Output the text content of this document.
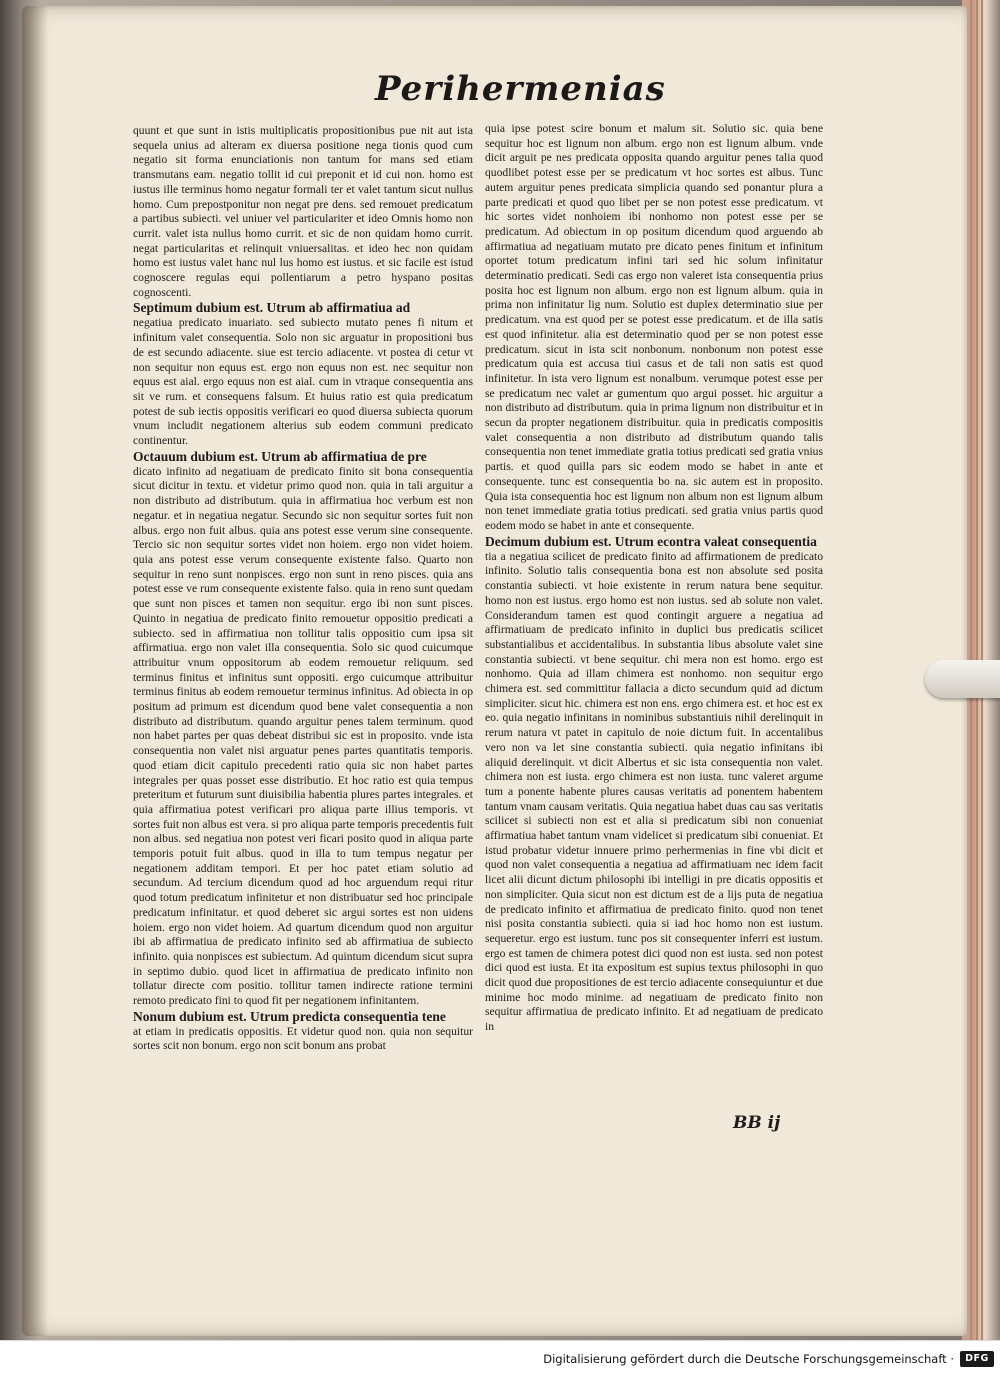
Perihermenias

quunt et que sunt in istis multiplicatis propositionibus pue nit aut ista sequela unius ad alteram ex diuersa positione nega tionis quod cum negatio sit forma enunciationis non tantum for mans sed etiam transmutans eam. negatio tollit id cui preponit et id cui non. homo est iustus ille terminus homo negatur formali ter et valet tantum sicut nullus homo. Cum prepostponitur non negat pre dens. sed remouet predicatum a partibus subiecti. vel uniuer vel particulariter et ideo Omnis homo non currit. valet ista nullus homo currit. et sic de non quidam homo currit. negat particularitas et relinquit vniuersalitas. et ideo hec non quidam homo est iustus valet hanc nul lus homo est iustus. et sic facile est istud cognoscere regulas equi pollentiarum a petro hyspano positas cognoscenti.

Septimum dubium est. Utrum ab affirmatiua ad

negatiua predicato inuariato. sed subiecto mutato penes fi nitum et infinitum valet consequentia. Solo non sic arguatur in propositioni bus de est secundo adiacente. siue est tercio adiacente. vt postea di cetur vt non sequitur non equus est. ergo non equus non est. nec sequitur non equus est aial. ergo equus non est aial. cum in vtraque consequentia ans sit ve rum. et consequens falsum. Et huius ratio est quia predicatum potest de sub iectis oppositis verificari eo quod diuersa subiecta quorum vnum includit negationem alterius sub eodem communi predicato continentur.

Octauum dubium est. Utrum ab affirmatiua de pre

dicato infinito ad negatiuam de predicato finito sit bona consequentia sicut dicitur in textu. et videtur primo quod non. quia in tali arguitur a non distributo ad distributum. quia in affirmatiua hoc verbum est non negatur. et in negatiua negatur. Secundo sic non sequitur sortes fuit non albus. ergo non fuit albus. quia ans potest esse verum sine consequente. Tercio sic non sequitur sortes videt non hoiem. ergo non videt hoiem. quia ans potest esse verum consequente existente falso. Quarto non sequitur in reno sunt nonpisces. ergo non sunt in reno pisces. quia ans potest esse ve rum consequente existente falso. quia in reno sunt quedam que sunt non pisces et tamen non sequitur. ergo ibi non sunt pisces. Quinto in negatiua de predicato finito remouetur oppositio predicati a subiecto. sed in affirmatiua non tollitur talis oppositio cum ipsa sit affirmatiua. ergo non valet illa consequentia. Solo sic quod cuicumque attribuitur vnum oppositorum ab eodem remouetur reliquum. sed terminus finitus et infinitus sunt oppositi. ergo cuicumque attribuitur terminus finitus ab eodem remouetur terminus infinitus. Ad obiecta in op positum ad primum est dicendum quod bene valet consequentia a non distributo ad distributum. quando arguitur penes talem terminum. quod non habet partes per quas debeat distribui sic est in proposito. vnde ista consequentia non valet nisi arguatur penes partes quantitatis temporis. quod etiam dicit capitulo precedenti ratio quia sic non habet partes integrales per quas posset esse distributio. Et hoc ratio est quia tempus preteritum et futurum sunt diuisibilia habentia plures partes integrales. et quia affirmatiua potest verificari pro aliqua parte illius temporis. vt sortes fuit non albus est vera. si pro aliqua parte temporis precedentis fuit non albus. sed negatiua non potest veri ficari posito quod in aliqua parte temporis potuit fuit albus. quod in illa to tum tempus negatur per negationem additam tempori. Et per hoc patet etiam solutio ad secundum. Ad tercium dicendum quod ad hoc arguendum requi ritur quod totum predicatum infinitetur et non distribuatur sed hoc principale predicatum infinitatur. et quod deberet sic argui sortes est non uidens hoiem. ergo non videt hoiem. Ad quartum dicendum quod non arguitur ibi ab affirmatiua de predicato infinito sed ab affirmatiua de subiecto infinito. quia nonpisces est subiectum. Ad quintum dicendum sicut supra in septimo dubio. quod licet in affirmatiua de predicato infinito non tollatur directe com positio. tollitur tamen indirecte ratione termini remoto predicato fini to quod fit per negationem infinitantem.

Nonum dubium est. Utrum predicta consequentia tene

at etiam in predicatis oppositis. Et videtur quod non. quia non sequitur sortes scit non bonum. ergo non scit bonum ans probat

quia ipse potest scire bonum et malum sit. Solutio sic. quia bene sequitur hoc est lignum non album. ergo non est lignum album. vnde dicit arguit pe nes predicata opposita quando arguitur penes talia quod quodlibet potest esse per se predicatum vt hoc sortes est albus. Tunc autem arguitur penes predicata simplicia quando sed ponantur plura a parte predicati et quod quo libet per se non potest esse predicatum. vt hic sortes videt nonhoiem ibi nonhomo non potest esse per se predicatum. Ad obiectum in op positum dicendum quod arguendo ab affirmatiua ad negatiuam mutato pre dicato penes finitum et infinitum oportet totum predicatum infini tari sed hic solum infinitatur determinatio predicati. Sedi cas ergo non valeret ista consequentia prius posita hoc est lignum non album. ergo non est lignum album. quia in prima non infinitatur lig num. Solutio est duplex determinatio siue per predicatum. vna est quod per se potest esse predicatum. et de illa satis est quod infinitetur. alia est determinatio quod per se non potest esse predicatum. sicut in ista scit nonbonum. nonbonum non potest esse predicatum quia est accusa tiui casus et de tali non satis est quod infinitetur. In ista vero lignum est nonalbum. verumque potest esse per se predicatum nec valet ar gumentum quo argui posset. hic arguitur a non distributo ad distributum. quia in prima lignum non distribuitur et in secun da propter negationem distribuitur. quia in predicatis compositis valet consequentia a non distributo ad distributum quando talis consequentia non tenet immediate gratia totius predicati sed gratia vnius partis. et quod quilla pars sic eodem modo se habet in ante et consequente. tunc est consequentia bo na. sic autem est in proposito. Quia ista consequentia hoc est lignum non album non est lignum album non tenet immediate gratia totius predicati. sed gratia vnius partis quod eodem modo se habet in ante et consequente.

Decimum dubium est. Utrum econtra valeat consequentia

tia a negatiua scilicet de predicato finito ad affirmationem de predicato infinito. Solutio talis consequentia bona est non absolute sed posita constantia subiecti. vt hoie existente in rerum natura bene sequitur. homo non est iustus. ergo homo est non iustus. sed ab solute non valet. Considerandum tamen est quod contingit arguere a negatiua ad affirmatiuam de predicato infinito in duplici bus predicatis scilicet substantialibus et accidentalibus. In substantia libus absolute valet sine constantia subiecti. vt bene sequitur. chi mera non est homo. ergo est nonhomo. Quia ad illam chimera est nonhomo. non sequitur ergo chimera est. sed committitur fallacia a dicto secundum quid ad dictum simpliciter. sicut hic. chimera est non ens. ergo chimera est. et hoc est ex eo. quia negatio infinitans in nominibus substantiuis nihil derelinquit in rerum natura vt patet in capitulo de noie dictum fuit. In accentalibus vero non va let sine constantia subiecti. quia negatio infinitans ibi aliquid derelinquit. vt dicit Albertus et sic ista consequentia non valet. chimera non est iusta. ergo chimera est non iusta. tunc valeret argume tum a ponente habente plures causas veritatis ad ponentem habentem tantum vnam causam veritatis. Quia negatiua habet duas cau sas veritatis scilicet si subiecti non est et alia si predicatum sibi non conueniat affirmatiua habet tantum vnam videlicet si predicatum sibi conueniat. Et istud probatur videtur innuere primo perhermenias in fine vbi dicit et quod non valet consequentia a negatiua ad affirmatiuam nec idem facit licet alii dicunt dictum philosophi ibi intelligi in pre dicatis oppositis et non simpliciter. Quia sicut non est dictum est de a lijs puta de negatiua de predicato infinito et affirmatiua de predicato finito. quod non tenet nisi posita constantia subiecti. quia si iad hoc homo non est iustum. sequeretur. ergo est iustum. tunc pos sit consequenter inferri est iustum. ergo est tamen de chimera potest dici quod non est iusta. sed non potest dici quod est iusta. Et ita expositum est supius textus philosophi in quo dicit quod due propositiones de est tercio adiacente consequiuntur et due minime hoc modo minime. ad negatiuam de predicato finito non sequitur affirmatiua de predicato infinito. Et ad negatiuam de predicato in

BB ij
Digitalisierung gefördert durch die Deutsche Forschungsgemeinschaft ·	DFG
